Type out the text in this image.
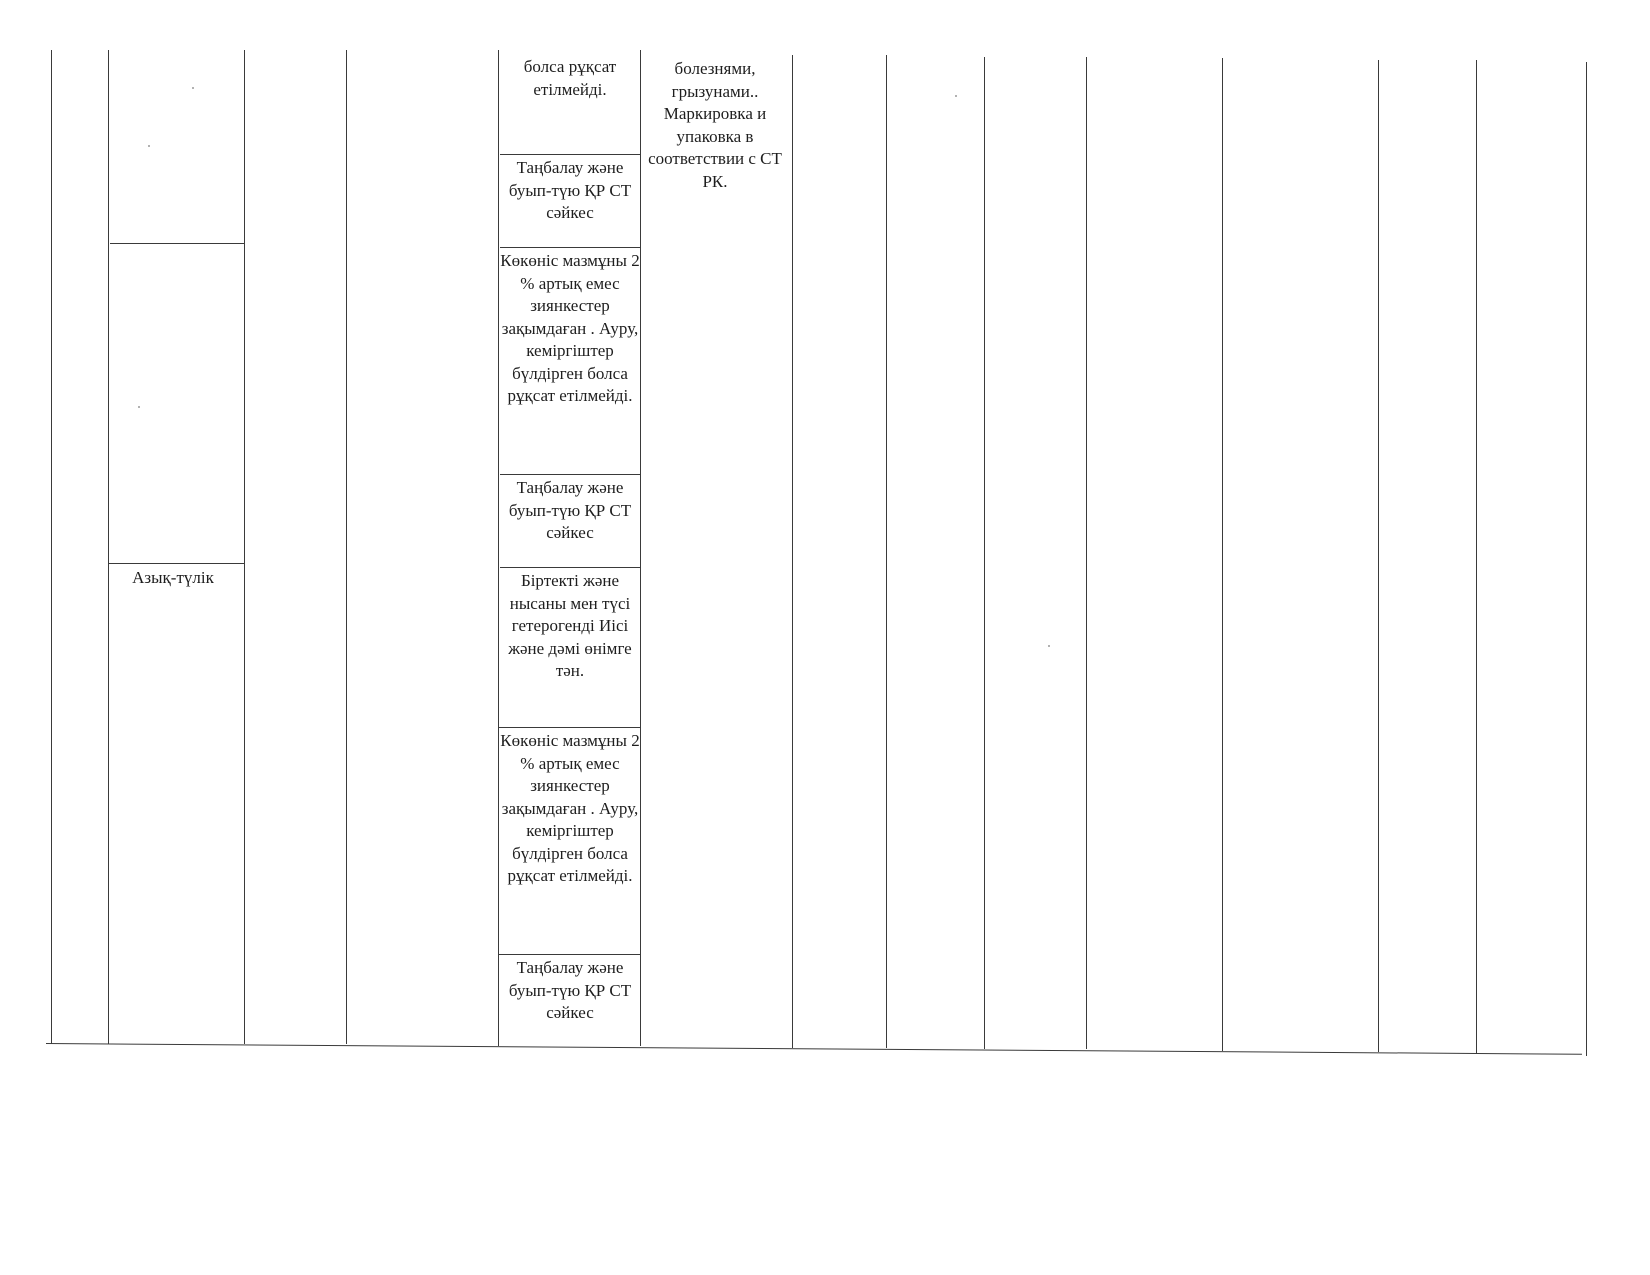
Азық-түлік
болса рұқсат етілмейді.
Таңбалау және буып-түю ҚР СТ сәйкес
Көкөніс мазмұны 2 % артық емес зиянкестер зақымдаған . Ауру, кеміргіштер бүлдірген болса рұқсат етілмейді.
Таңбалау және буып-түю ҚР СТ сәйкес
Біртекті және нысаны мен түсі гетерогенді Иісі және дәмі өнімге тән.
Көкөніс мазмұны 2 % артық емес зиянкестер зақымдаған . Ауру, кеміргіштер бүлдірген болса рұқсат етілмейді.
Таңбалау және буып-түю ҚР СТ сәйкес
болезнями, грызунами.. Маркировка и упаковка в соответствии с СТ РК.
